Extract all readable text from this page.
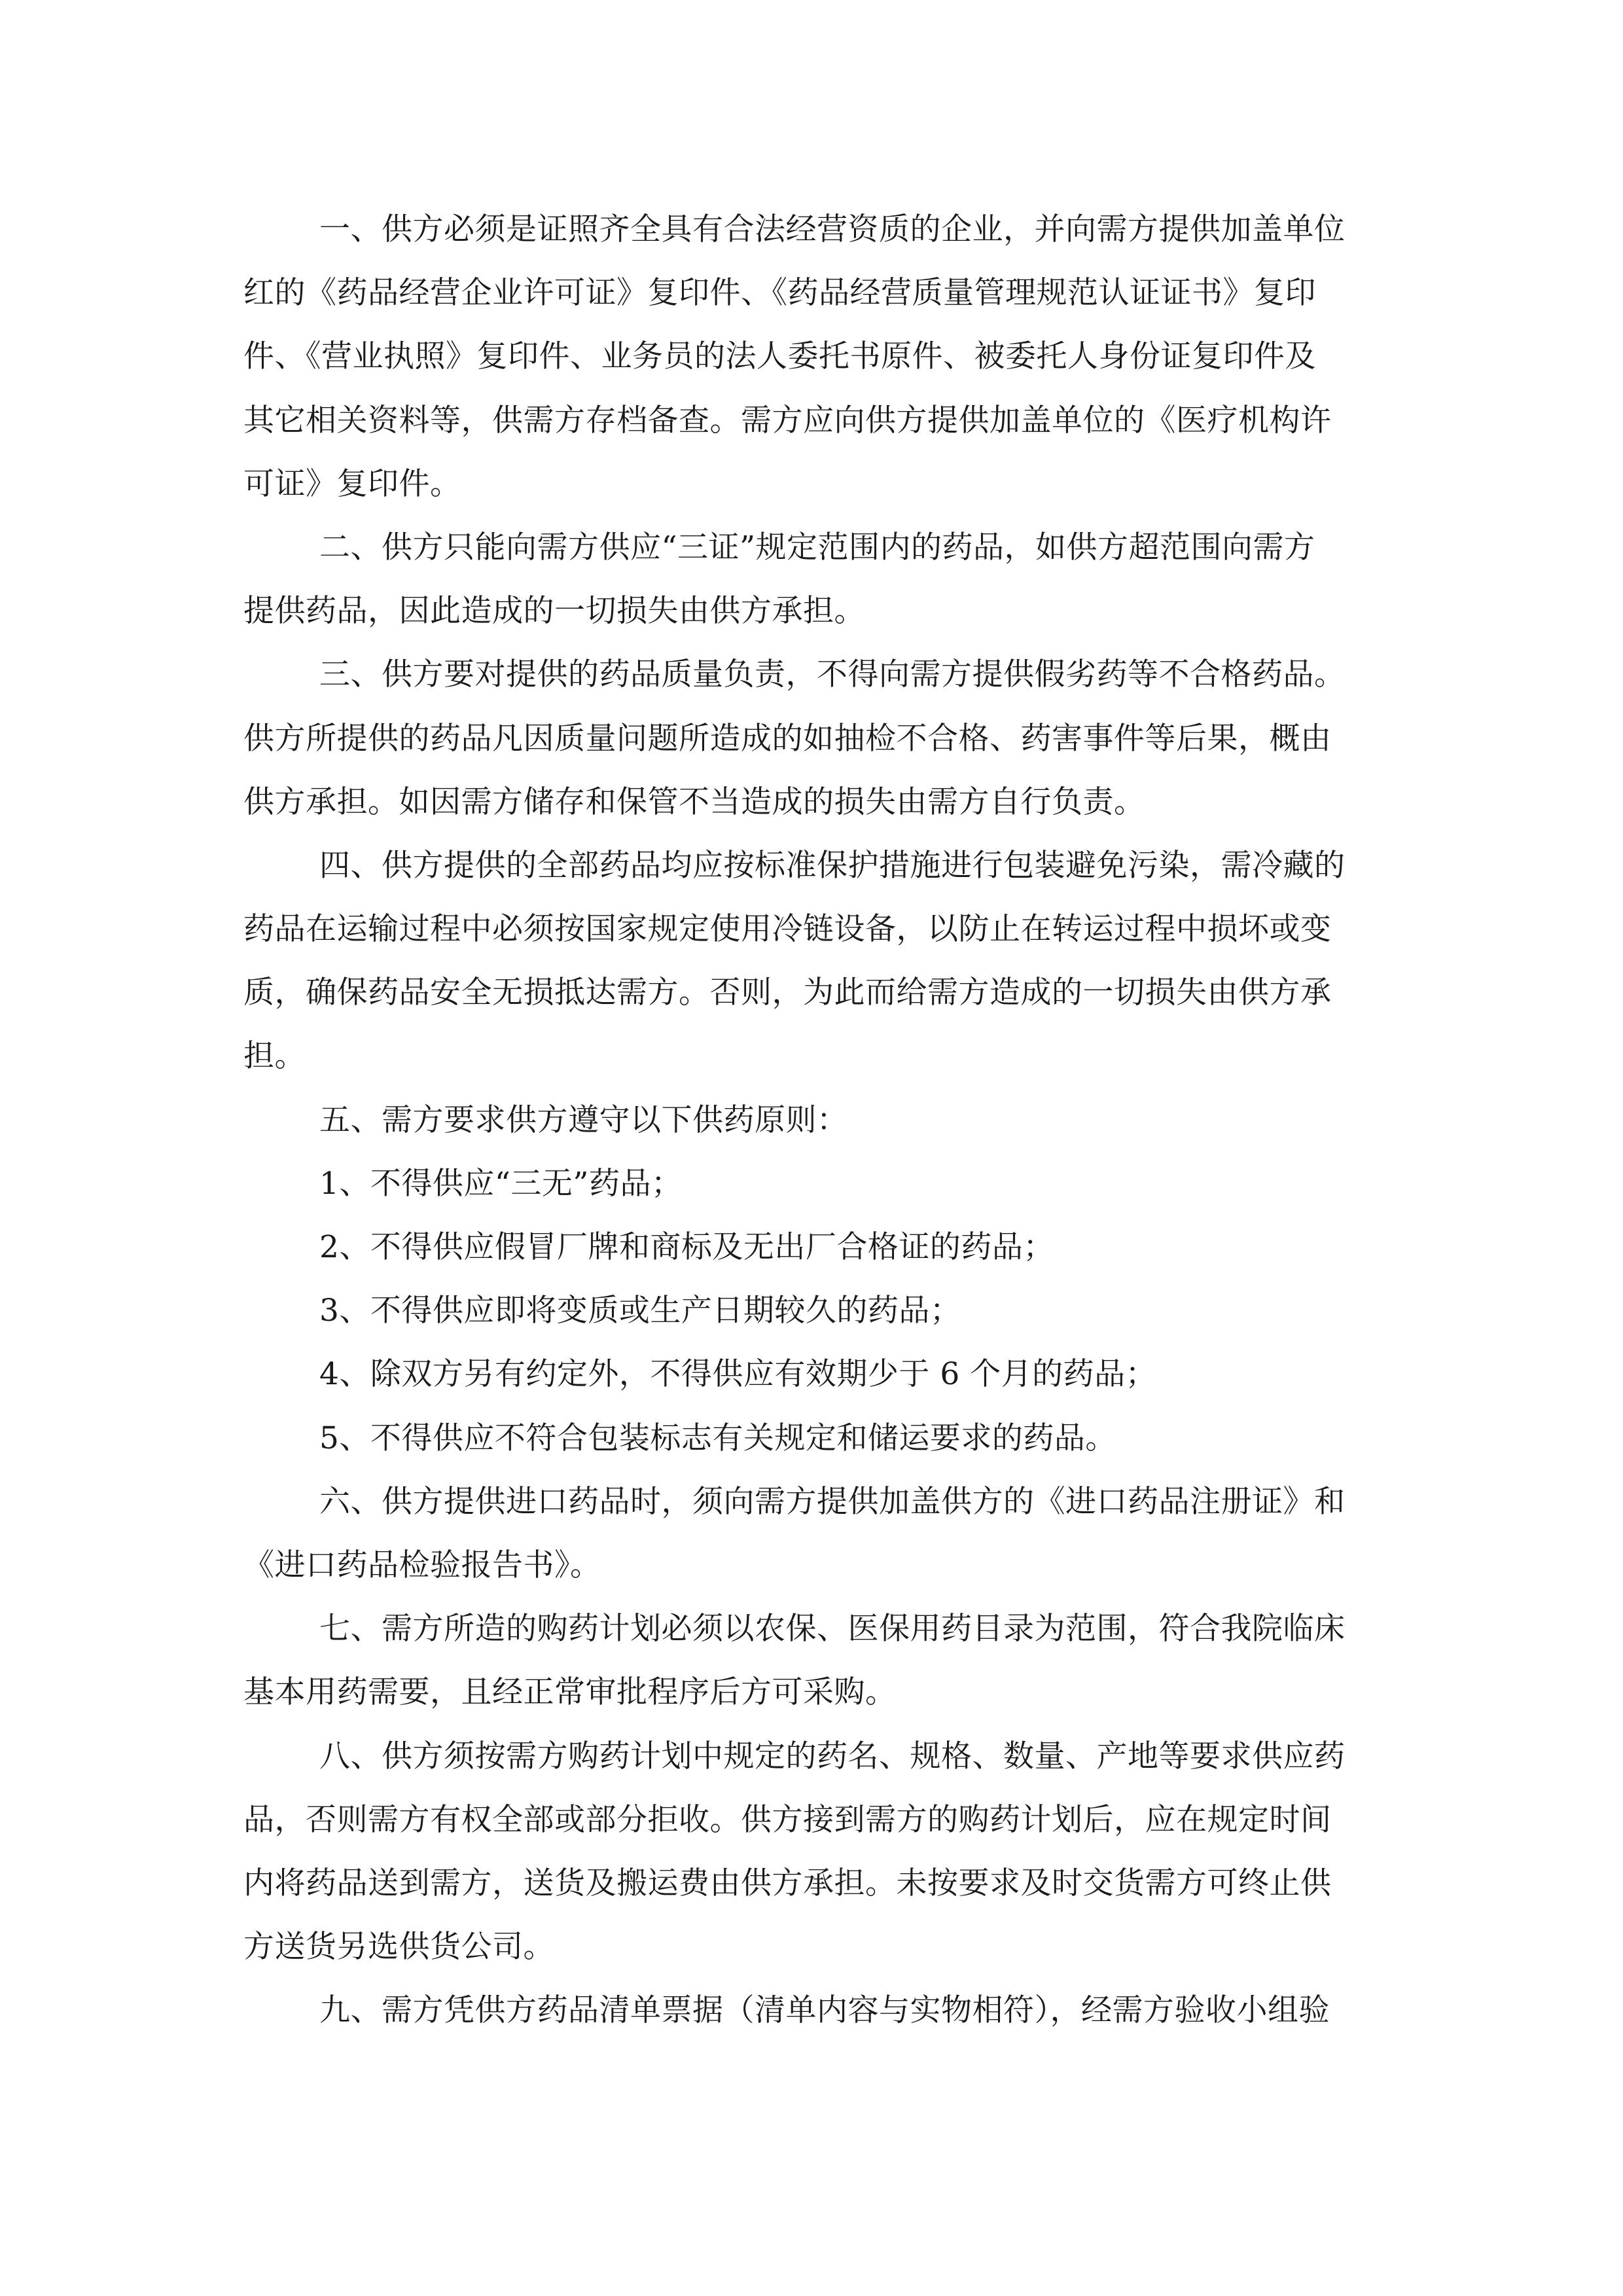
一、供方必须是证照齐全具有合法经营资质的企业，并向需方提供加盖单位
红的《药品经营企业许可证》复印件、《药品经营质量管理规范认证证书》复印
件、《营业执照》复印件、业务员的法人委托书原件、被委托人身份证复印件及
其它相关资料等，供需方存档备查。需方应向供方提供加盖单位的《医疗机构许
可证》复印件。
二、供方只能向需方供应“三证”规定范围内的药品，如供方超范围向需方
提供药品，因此造成的一切损失由供方承担。
三、供方要对提供的药品质量负责，不得向需方提供假劣药等不合格药品。
供方所提供的药品凡因质量问题所造成的如抽检不合格、药害事件等后果，概由
供方承担。如因需方储存和保管不当造成的损失由需方自行负责。
四、供方提供的全部药品均应按标准保护措施进行包装避免污染，需冷藏的
药品在运输过程中必须按国家规定使用冷链设备，以防止在转运过程中损坏或变
质，确保药品安全无损抵达需方。否则，为此而给需方造成的一切损失由供方承
担。
五、需方要求供方遵守以下供药原则：
1、不得供应“三无”药品；
2、不得供应假冒厂牌和商标及无出厂合格证的药品；
3、不得供应即将变质或生产日期较久的药品；
4、除双方另有约定外，不得供应有效期少于 6 个月的药品；
5、不得供应不符合包装标志有关规定和储运要求的药品。
六、供方提供进口药品时，须向需方提供加盖供方的《进口药品注册证》和
《进口药品检验报告书》。
七、需方所造的购药计划必须以农保、医保用药目录为范围，符合我院临床
基本用药需要，且经正常审批程序后方可采购。
八、供方须按需方购药计划中规定的药名、规格、数量、产地等要求供应药
品，否则需方有权全部或部分拒收。供方接到需方的购药计划后，应在规定时间
内将药品送到需方，送货及搬运费由供方承担。未按要求及时交货需方可终止供
方送货另选供货公司。
九、需方凭供方药品清单票据（清单内容与实物相符），经需方验收小组验
